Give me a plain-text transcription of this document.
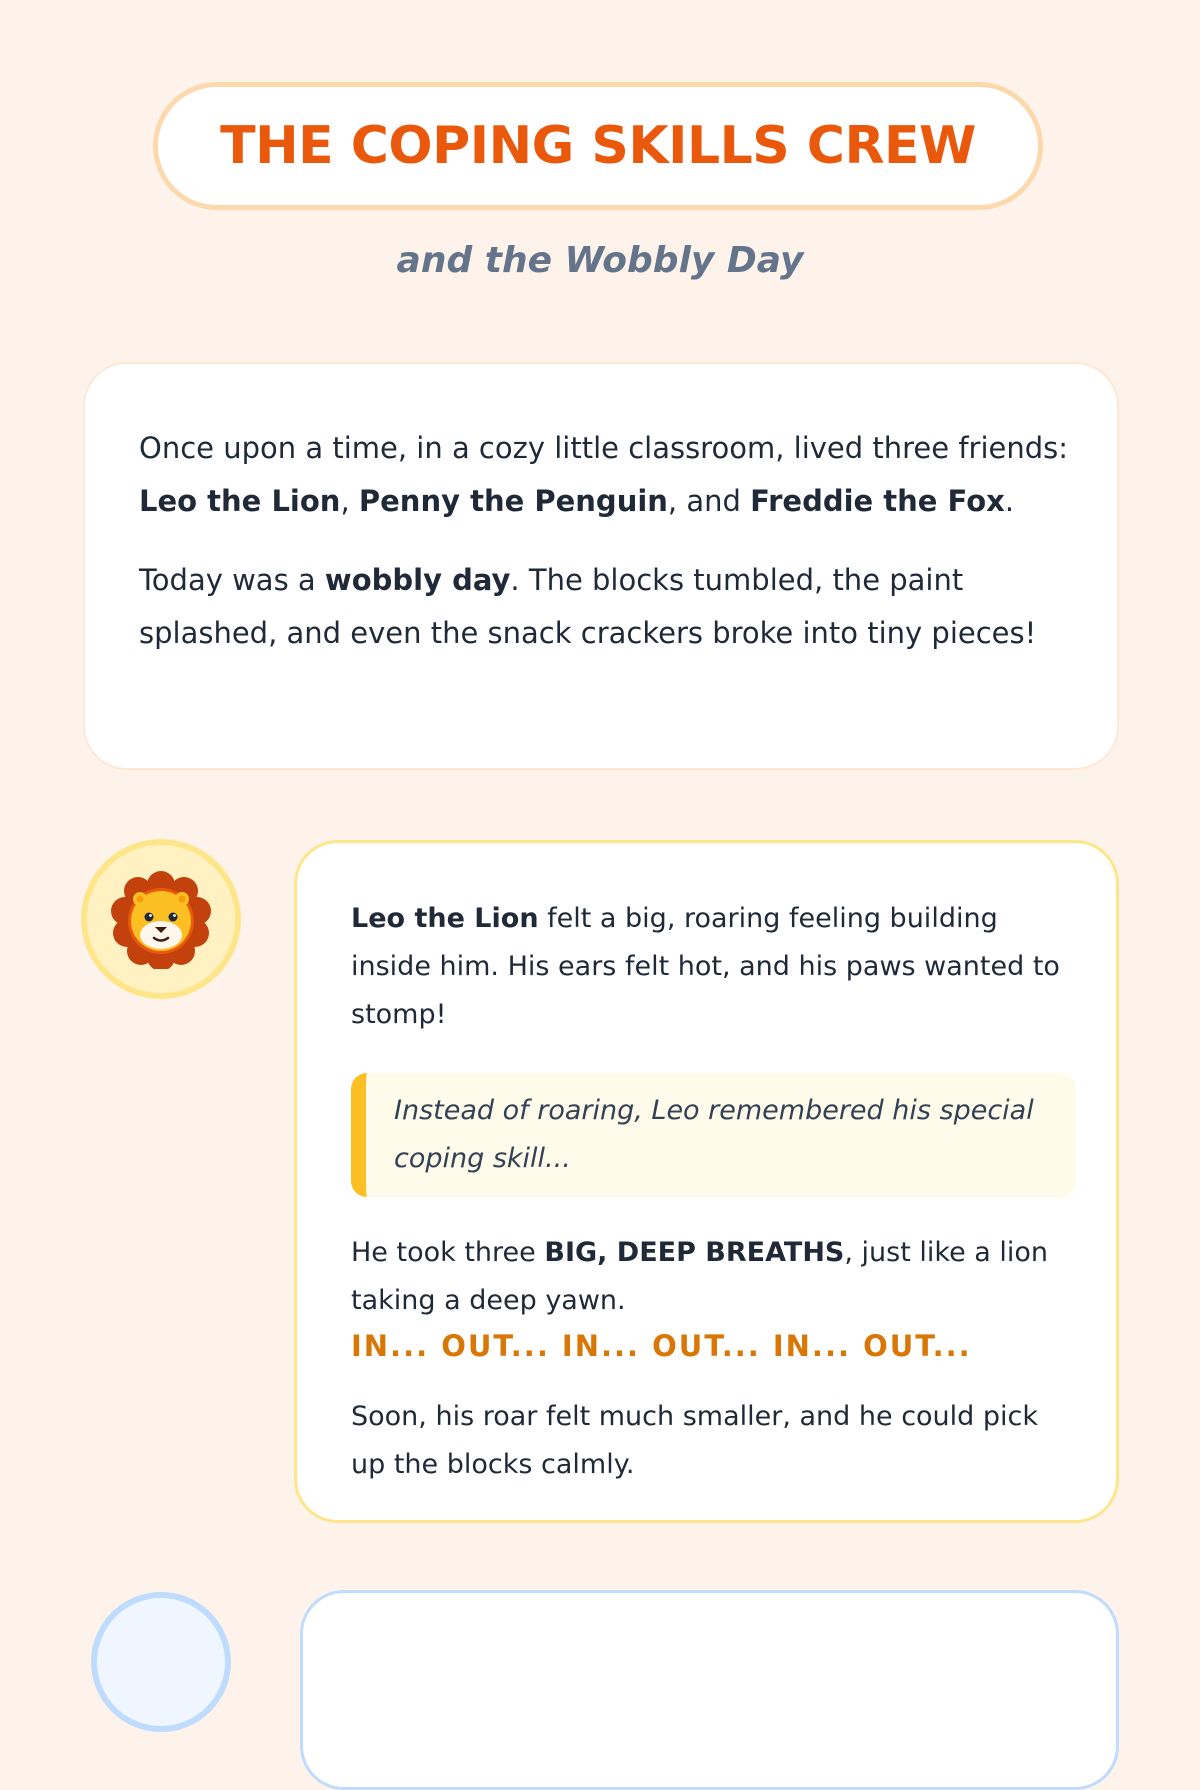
THE COPING SKILLS CREW
and the Wobbly Day

Once upon a time, in a cozy little classroom, lived three friends: Leo the Lion, Penny the Penguin, and Freddie the Fox.

Today was a wobbly day. The blocks tumbled, the paint splashed, and even the snack crackers broke into tiny pieces!

Leo the Lion felt a big, roaring feeling building inside him. His ears felt hot, and his paws wanted to stomp!

Instead of roaring, Leo remembered his special coping skill...

He took three BIG, DEEP BREATHS, just like a lion taking a deep yawn.

IN... OUT... IN... OUT... IN... OUT...

Soon, his roar felt much smaller, and he could pick up the blocks calmly.
